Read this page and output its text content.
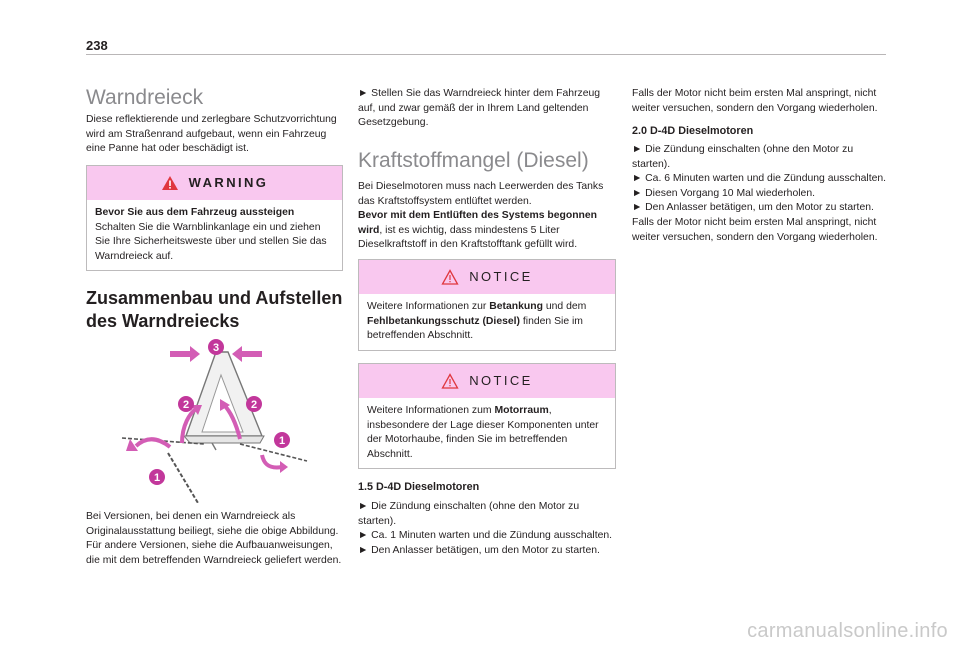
238
Warndreieck
Diese reflektierende und zerlegbare Schutzvorrichtung wird am Straßenrand aufgebaut, wenn ein Fahrzeug eine Panne hat oder beschädigt ist.
WARNING
Bevor Sie aus dem Fahrzeug aussteigen
Schalten Sie die Warnblinkanlage ein und ziehen Sie Ihre Sicherheitsweste über und stellen Sie das Warndreieck auf.
Zusammenbau und Aufstellen des Warndreiecks
3
2	2
1
1
Bei Versionen, bei denen ein Warndreieck als Originalausstattung beiliegt, siehe die obige Abbildung.
Für andere Versionen, siehe die Aufbauanweisungen, die mit dem betreffenden Warndreieck geliefert werden.
► Stellen Sie das Warndreieck hinter dem Fahrzeug auf, und zwar gemäß der in Ihrem Land geltenden Gesetzgebung.
Kraftstoffmangel (Diesel)
Bei Dieselmotoren muss nach Leerwerden des Tanks das Kraftstoffsystem entlüftet werden.
Bevor mit dem Entlüften des Systems begonnen wird, ist es wichtig, dass mindestens 5 Liter Dieselkraftstoff in den Kraftstofftank gefüllt wird.
NOTICE
Weitere Informationen zur Betankung und dem Fehlbetankungsschutz (Diesel) finden Sie im betreffenden Abschnitt.
NOTICE
Weitere Informationen zum Motorraum, insbesondere der Lage dieser Komponenten unter der Motorhaube, finden Sie im betreffenden Abschnitt.
1.5 D-4D Dieselmotoren
► Die Zündung einschalten (ohne den Motor zu starten).
► Ca. 1 Minuten warten und die Zündung ausschalten.
► Den Anlasser betätigen, um den Motor zu starten.
Falls der Motor nicht beim ersten Mal anspringt, nicht weiter versuchen, sondern den Vorgang wiederholen.
2.0 D-4D Dieselmotoren
► Die Zündung einschalten (ohne den Motor zu starten).
► Ca. 6 Minuten warten und die Zündung ausschalten.
► Diesen Vorgang 10 Mal wiederholen.
► Den Anlasser betätigen, um den Motor zu starten.
Falls der Motor nicht beim ersten Mal anspringt, nicht weiter versuchen, sondern den Vorgang wiederholen.
carmanualsonline.info
